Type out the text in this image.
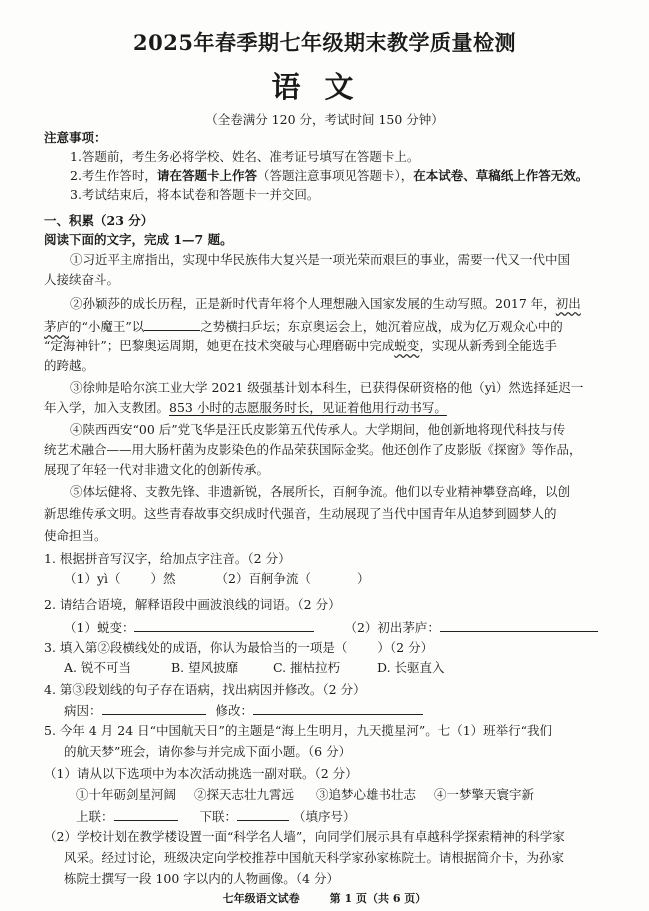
2025年春季期七年级期末教学质量检测
语文
（全卷满分 120 分，考试时间 150 分钟）
注意事项：
1.答题前，考生务必将学校、姓名、准考证号填写在答题卡上。
2.考生作答时，请在答题卡上作答（答题注意事项见答题卡），在本试卷、草稿纸上作答无效。
3.考试结束后，将本试卷和答题卡一并交回。
一、积累（23 分）
阅读下面的文字，完成 1—7 题。
①习近平主席指出，实现中华民族伟大复兴是一项光荣而艰巨的事业，需要一代又一代中国
人接续奋斗。
②孙颖莎的成长历程，正是新时代青年将个人理想融入国家发展的生动写照。2017 年，初出
茅庐的“小魔王”以	之势横扫乒坛；东京奥运会上，她沉着应战，成为亿万观众心中的
“定海神针”；巴黎奥运周期，她更在技术突破与心理磨砺中完成蜕变，实现从新秀到全能选手
的跨越。
③徐帅是哈尔滨工业大学 2021 级强基计划本科生，已获得保研资格的他（yì）然选择延迟一
年入学，加入支教团。853 小时的志愿服务时长，见证着他用行动书写。
④陕西西安“00 后”党飞华是汪氏皮影第五代传承人。大学期间，他创新地将现代科技与传
统艺术融合——用大肠杆菌为皮影染色的作品荣获国际金奖。他还创作了皮影版《探窗》等作品，
展现了年轻一代对非遗文化的创新传承。
⑤体坛健将、支教先锋、非遗新锐，各展所长，百舸争流。他们以专业精神攀登高峰，以创
新思维传承文明。这些青春故事交织成时代强音，生动展现了当代中国青年从追梦到圆梦人的
使命担当。
1. 根据拼音写汉字，给加点字注音。（2 分）
（1）yì（ ）然	（2）百舸争流（	）
2. 请结合语境，解释语段中画波浪线的词语。（2 分）
（1）蜕变：	（2）初出茅庐：
3. 填入第②段横线处的成语，你认为最恰当的一项是（ ）（2 分）
A. 锐不可当	B. 望风披靡	C. 摧枯拉朽	D. 长驱直入
4. 第③段划线的句子存在语病，找出病因并修改。（2 分）
病因：	修改：
5. 今年 4 月 24 日“中国航天日”的主题是“海上生明月，九天揽星河”。七（1）班举行“我们
的航天梦”班会，请你参与并完成下面小题。（6 分）
（1）请从以下选项中为本次活动挑选一副对联。（2 分）
①十年砺剑星河阔 ②探天志壮九霄远 ③追梦心雄书壮志 ④一梦擎天寰宇新
上联：	下联：	（填序号）
（2）学校计划在教学楼设置一面“科学名人墙”，向同学们展示具有卓越科学探索精神的科学家
风采。经过讨论，班级决定向学校推荐中国航天科学家孙家栋院士。请根据简介卡，为孙家
栋院士撰写一段 100 字以内的人物画像。（4 分）
七年级语文试卷	第 1 页（共 6 页）
